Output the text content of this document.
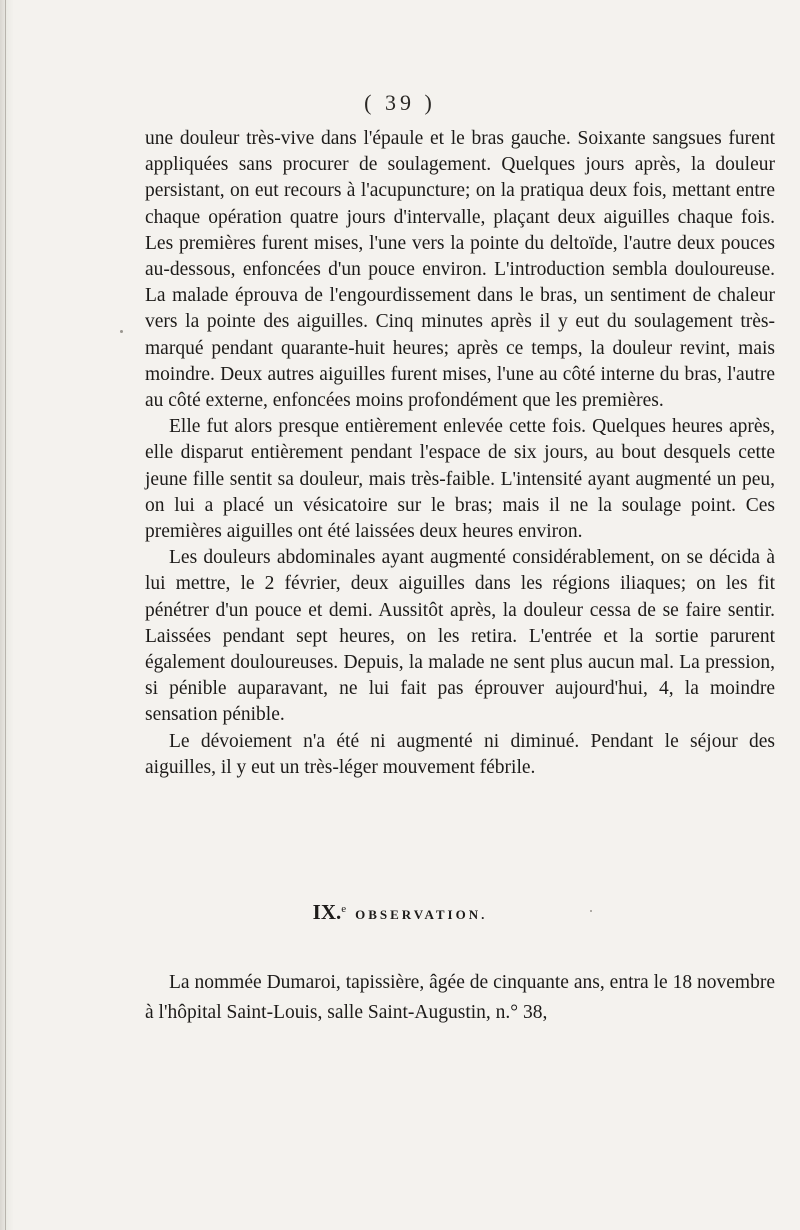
( 39 )

une douleur très-vive dans l'épaule et le bras gauche. Soixante sangsues furent appliquées sans procurer de soulagement. Quelques jours après, la douleur persistant, on eut recours à l'acupuncture; on la pratiqua deux fois, mettant entre chaque opération quatre jours d'intervalle, plaçant deux aiguilles chaque fois. Les premières furent mises, l'une vers la pointe du deltoïde, l'autre deux pouces au-dessous, enfoncées d'un pouce environ. L'introduction sembla douloureuse. La malade éprouva de l'engourdissement dans le bras, un sentiment de chaleur vers la pointe des aiguilles. Cinq minutes après il y eut du soulagement très-marqué pendant quarante-huit heures; après ce temps, la douleur revint, mais moindre. Deux autres aiguilles furent mises, l'une au côté interne du bras, l'autre au côté externe, enfoncées moins profondément que les premières.

Elle fut alors presque entièrement enlevée cette fois. Quelques heures après, elle disparut entièrement pendant l'espace de six jours, au bout desquels cette jeune fille sentit sa douleur, mais très-faible. L'intensité ayant augmenté un peu, on lui a placé un vésicatoire sur le bras; mais il ne la soulage point. Ces premières aiguilles ont été laissées deux heures environ.

Les douleurs abdominales ayant augmenté considérablement, on se décida à lui mettre, le 2 février, deux aiguilles dans les régions iliaques; on les fit pénétrer d'un pouce et demi. Aussitôt après, la douleur cessa de se faire sentir. Laissées pendant sept heures, on les retira. L'entrée et la sortie parurent également douloureuses. Depuis, la malade ne sent plus aucun mal. La pression, si pénible auparavant, ne lui fait pas éprouver aujourd'hui, 4, la moindre sensation pénible.

Le dévoiement n'a été ni augmenté ni diminué. Pendant le séjour des aiguilles, il y eut un très-léger mouvement fébrile.

IX.$^e$ OBSERVATION.

La nommée Dumaroi, tapissière, âgée de cinquante ans, entra le 18 novembre à l'hôpital Saint-Louis, salle Saint-Augustin, n.° 38,
